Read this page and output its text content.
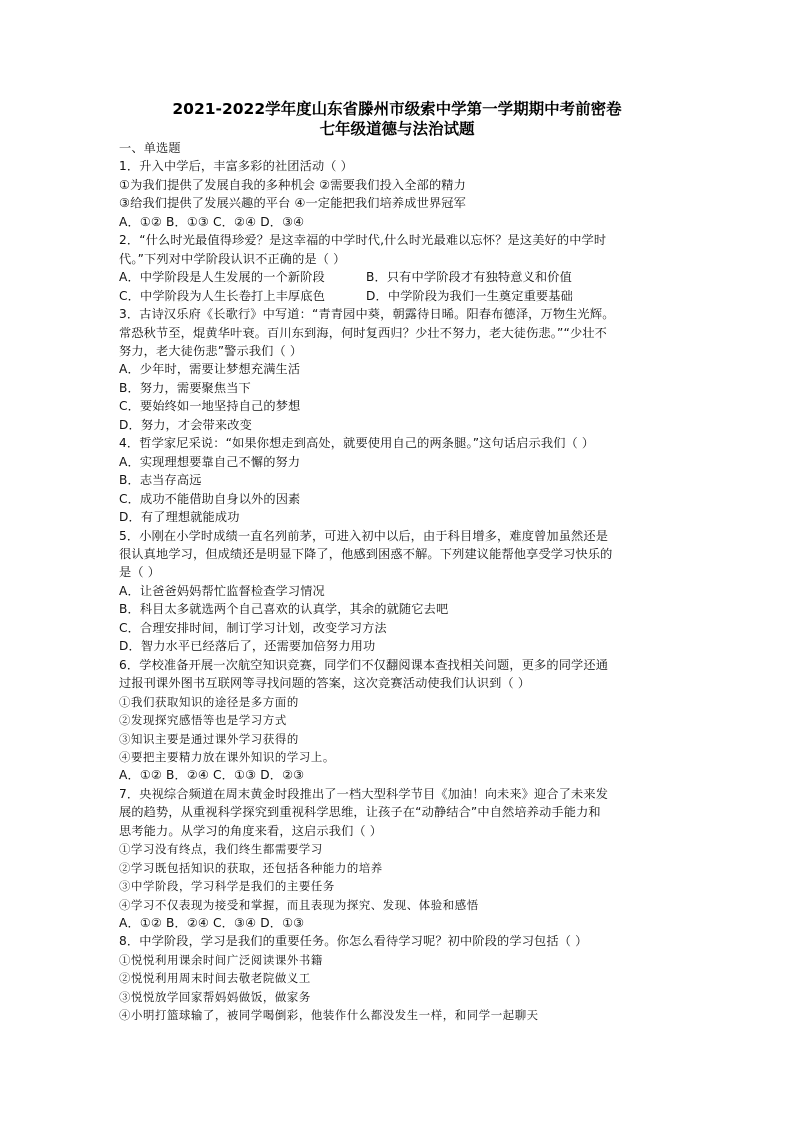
2021-2022学年度山东省滕州市级索中学第一学期期中考前密卷
七年级道德与法治试题
一、单选题
1．升入中学后，丰富多彩的社团活动（ ）
①为我们提供了发展自我的多种机会 ②需要我们投入全部的精力
③给我们提供了发展兴趣的平台 ④一定能把我们培养成世界冠军
A．①② B．①③ C．②④ D．③④
2．“什么时光最值得珍爱？是这幸福的中学时代,什么时光最难以忘怀？是这美好的中学时
代。”下列对中学阶段认识不正确的是（ ）
A．中学阶段是人生发展的一个新阶段	B．只有中学阶段才有独特意义和价值
C．中学阶段为人生长卷打上丰厚底色	D．中学阶段为我们一生奠定重要基础
3．古诗汉乐府《长歌行》中写道：“青青园中葵，朝露待日晞。阳春布德泽，万物生光辉。
常恐秋节至，焜黄华叶衰。百川东到海，何时复西归？少壮不努力，老大徒伤悲。”“少壮不
努力，老大徒伤悲”警示我们（ ）
A．少年时，需要让梦想充满生活
B．努力，需要聚焦当下
C．要始终如一地坚持自己的梦想
D．努力，才会带来改变
4．哲学家尼采说：“如果你想走到高处，就要使用自己的两条腿。”这句话启示我们（ ）
A．实现理想要靠自己不懈的努力
B．志当存高远
C．成功不能借助自身以外的因素
D．有了理想就能成功
5．小刚在小学时成绩一直名列前茅，可进入初中以后，由于科目增多，难度曾加虽然还是
很认真地学习，但成绩还是明显下降了，他感到困惑不解。下列建议能帮他享受学习快乐的
是（ ）
A．让爸爸妈妈帮忙监督检查学习情况
B．科目太多就选两个自己喜欢的认真学，其余的就随它去吧
C．合理安排时间，制订学习计划，改变学习方法
D．智力水平已经落后了，还需要加倍努力用功
6．学校准备开展一次航空知识竞赛，同学们不仅翻阅课本查找相关问题，更多的同学还通
过报刊课外图书互联网等寻找问题的答案，这次竞赛活动使我们认识到（ ）
①我们获取知识的途径是多方面的
②发现探究感悟等也是学习方式
③知识主要是通过课外学习获得的
④要把主要精力放在课外知识的学习上。
A．①② B．②④ C．①③ D．②③
7．央视综合频道在周末黄金时段推出了一档大型科学节目《加油！向未来》迎合了未来发
展的趋势，从重视科学探究到重视科学思维，让孩子在“动静结合”中自然培养动手能力和
思考能力。从学习的角度来看，这启示我们（ ）
①学习没有终点，我们终生都需要学习
②学习既包括知识的获取，还包括各种能力的培养
③中学阶段，学习科学是我们的主要任务
④学习不仅表现为接受和掌握，而且表现为探究、发现、体验和感悟
A．①② B．②④ C．③④ D．①③
8．中学阶段，学习是我们的重要任务。你怎么看待学习呢？初中阶段的学习包括（ ）
①悦悦利用课余时间广泛阅读课外书籍
②悦悦利用周末时间去敬老院做义工
③悦悦放学回家帮妈妈做饭，做家务
④小明打篮球输了，被同学喝倒彩，他装作什么都没发生一样，和同学一起聊天
